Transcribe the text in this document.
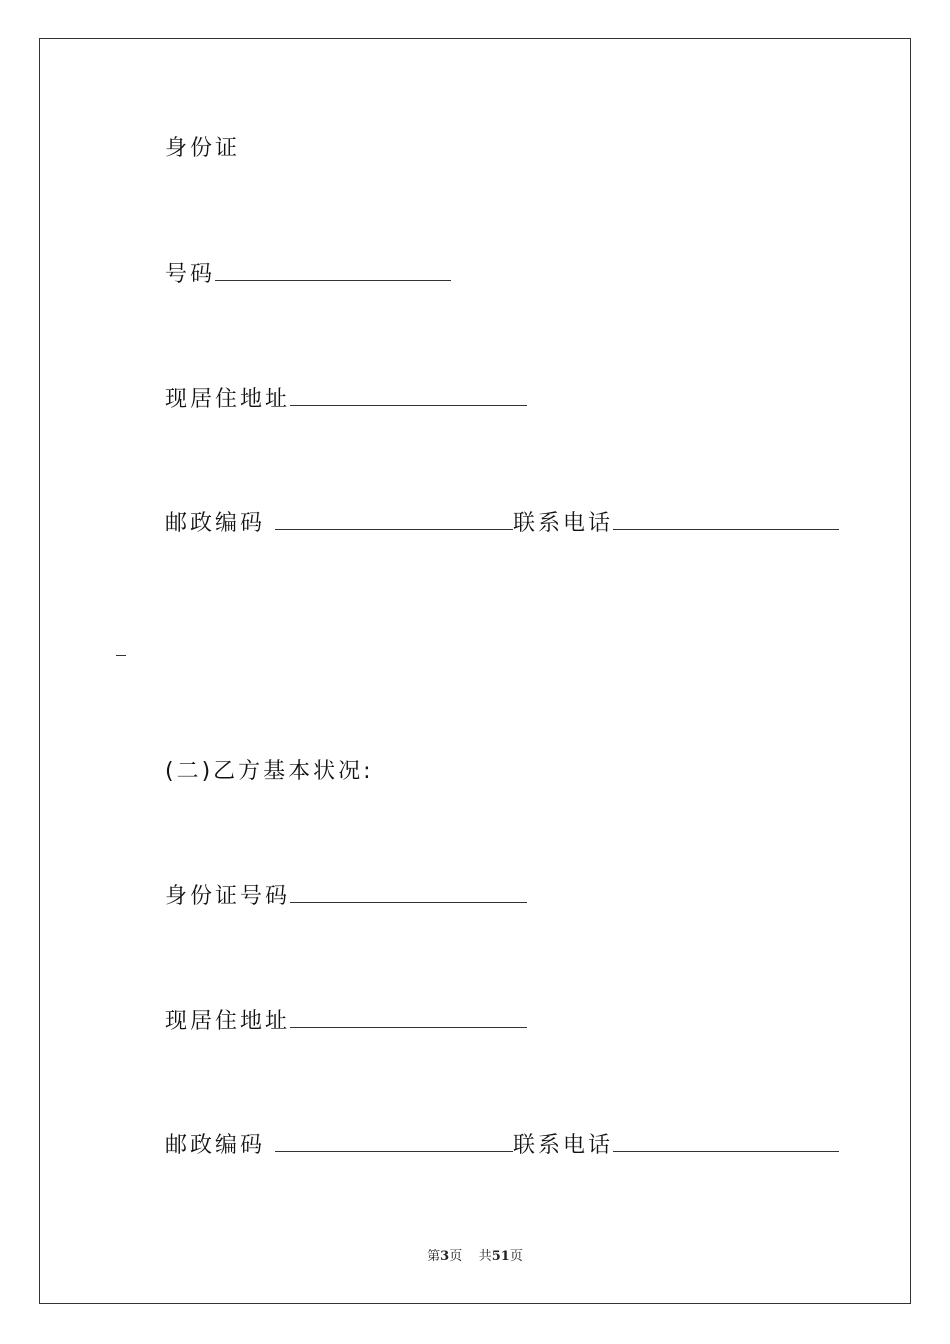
身份证
号码
现居住地址
邮政编码	联系电话
(二)乙方基本状况:
身份证号码
现居住地址
邮政编码	联系电话
第3页 共51页
